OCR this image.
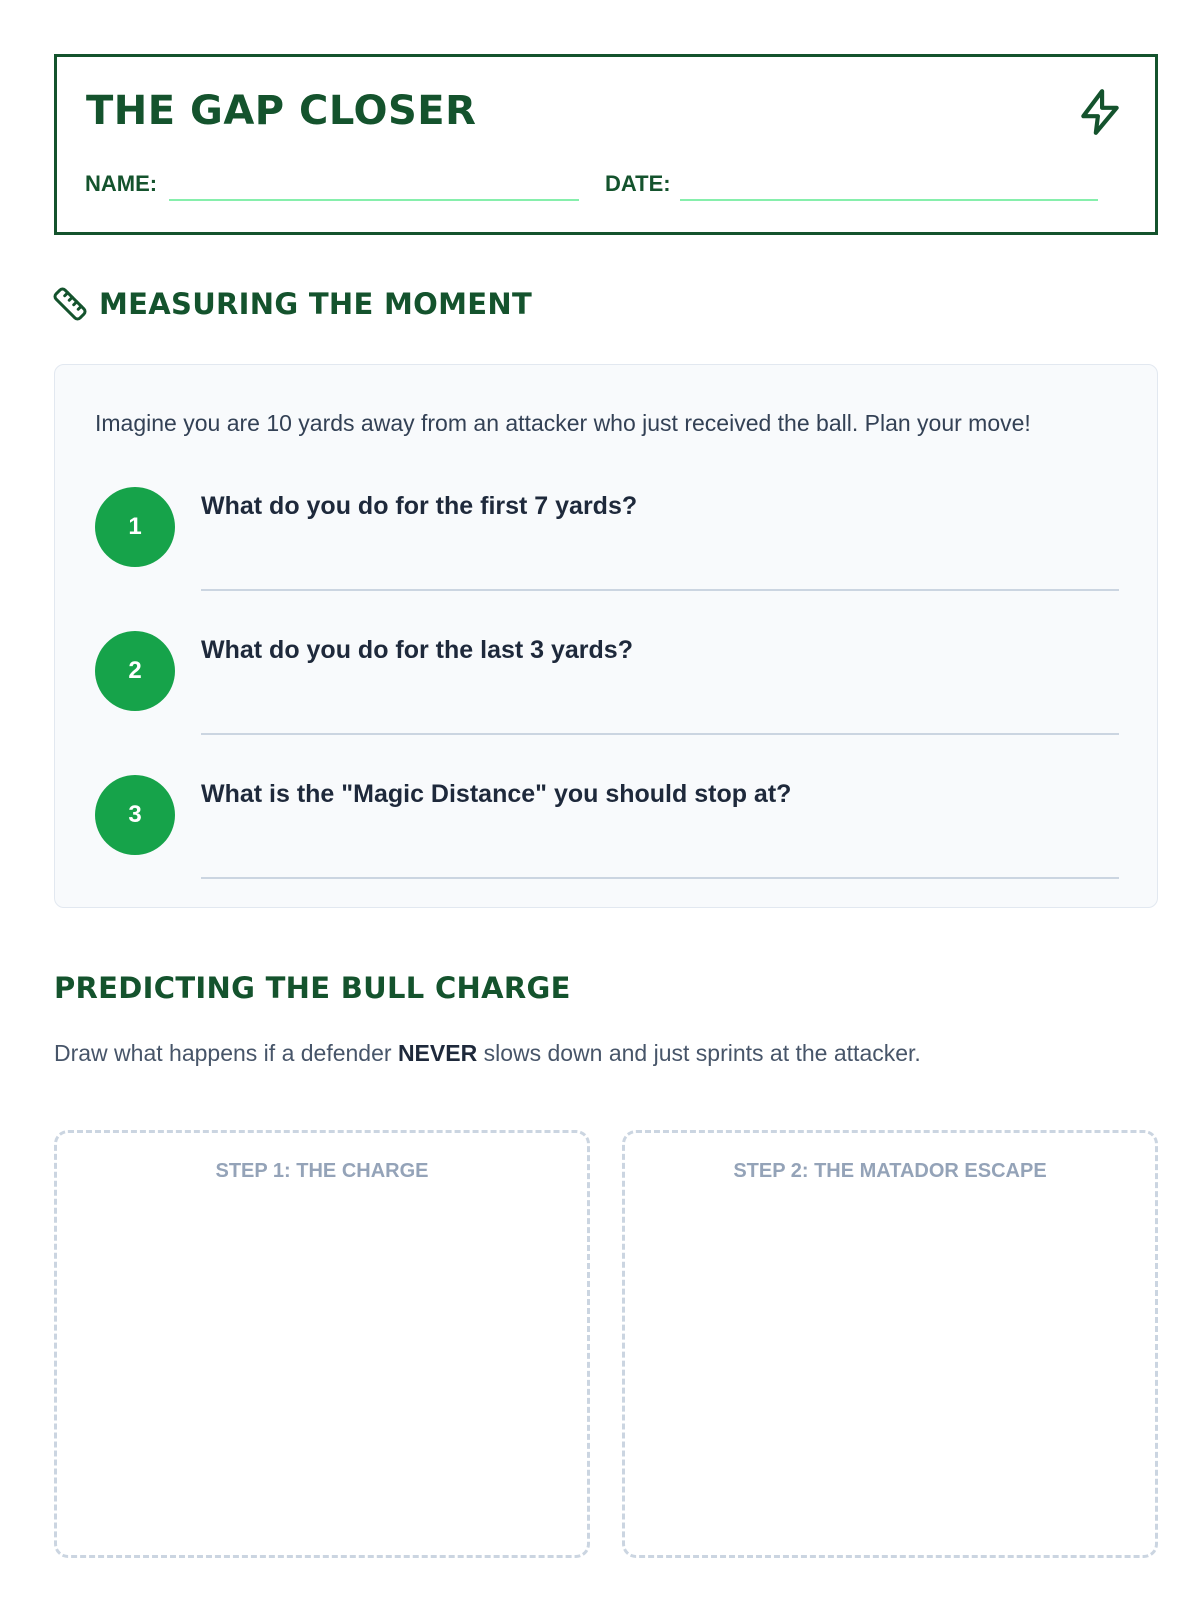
THE GAP CLOSER
NAME:	DATE:
MEASURING THE MOMENT
Imagine you are 10 yards away from an attacker who just received the ball. Plan your move!
1
What do you do for the first 7 yards?
2
What do you do for the last 3 yards?
3
What is the "Magic Distance" you should stop at?
PREDICTING THE BULL CHARGE
Draw what happens if a defender NEVER slows down and just sprints at the attacker.
STEP 1: THE CHARGE	STEP 2: THE MATADOR ESCAPE
